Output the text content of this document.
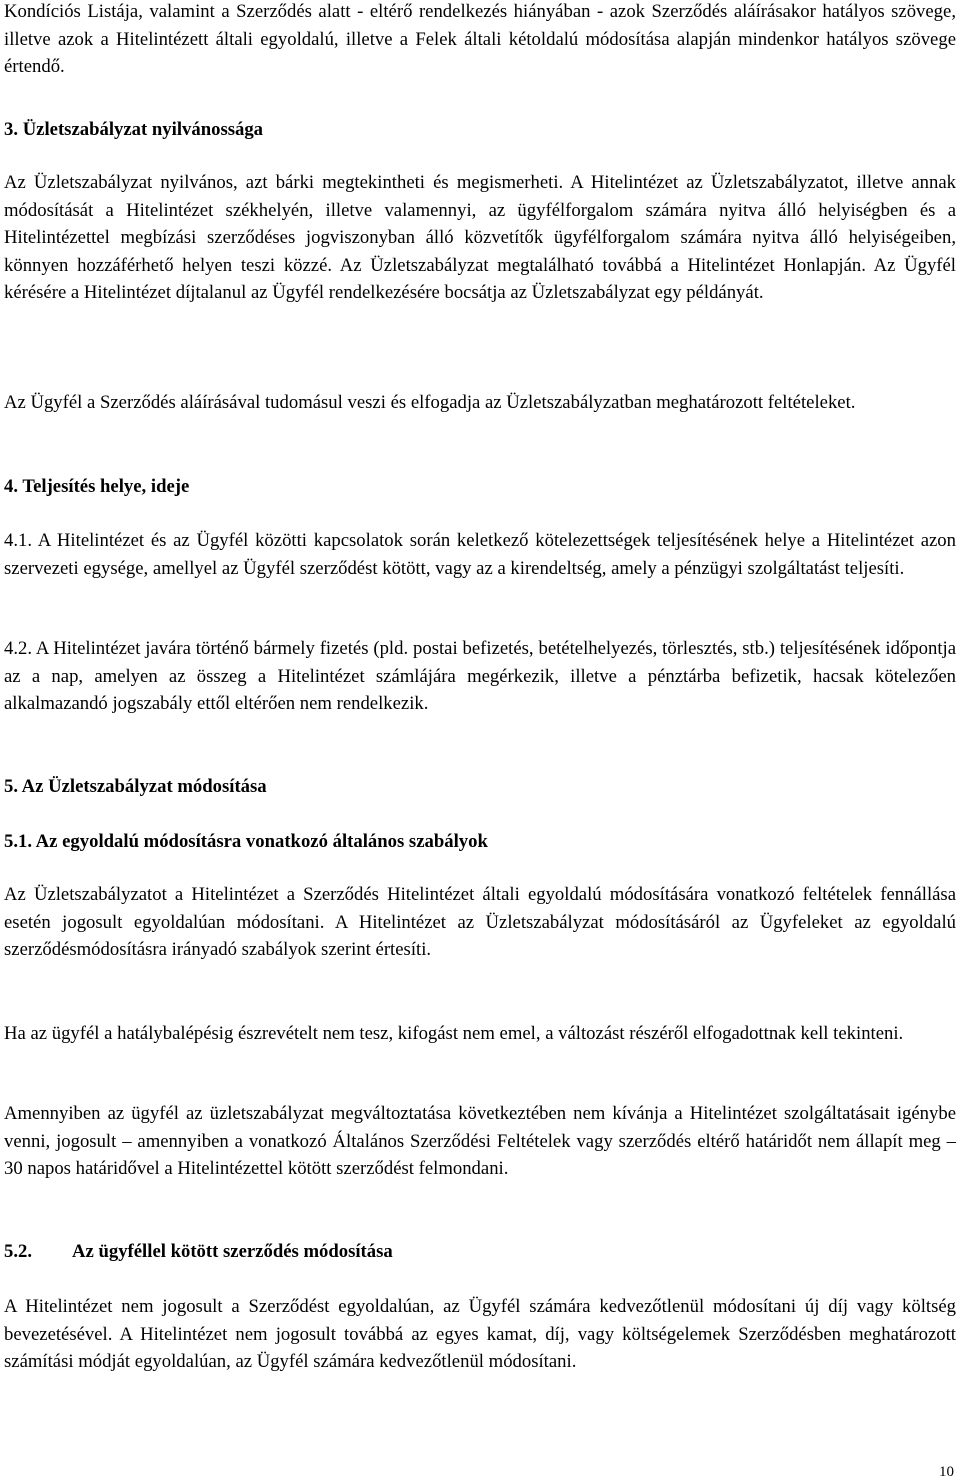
Kondíciós Listája, valamint a Szerződés alatt - eltérő rendelkezés hiányában - azok Szerződés aláírásakor hatályos szövege, illetve azok a Hitelintézett általi egyoldalú, illetve a Felek általi kétoldalú módosítása alapján mindenkor hatályos szövege értendő.

3. Üzletszabályzat nyilvánossága

Az Üzletszabályzat nyilvános, azt bárki megtekintheti és megismerheti. A Hitelintézet az Üzletszabályzatot, illetve annak módosítását a Hitelintézet székhelyén, illetve valamennyi, az ügyfélforgalom számára nyitva álló helyiségben és a Hitelintézettel megbízási szerződéses jogviszonyban álló közvetítők ügyfélforgalom számára nyitva álló helyiségeiben, könnyen hozzáférhető helyen teszi közzé. Az Üzletszabályzat megtalálható továbbá a Hitelintézet Honlapján. Az Ügyfél kérésére a Hitelintézet díjtalanul az Ügyfél rendelkezésére bocsátja az Üzletszabályzat egy példányát.

Az Ügyfél a Szerződés aláírásával tudomásul veszi és elfogadja az Üzletszabályzatban meghatározott feltételeket.

4. Teljesítés helye, ideje

4.1. A Hitelintézet és az Ügyfél közötti kapcsolatok során keletkező kötelezettségek teljesítésének helye a Hitelintézet azon szervezeti egysége, amellyel az Ügyfél szerződést kötött, vagy az a kirendeltség, amely a pénzügyi szolgáltatást teljesíti.

4.2. A Hitelintézet javára történő bármely fizetés (pld. postai befizetés, betételhelyezés, törlesztés, stb.) teljesítésének időpontja az a nap, amelyen az összeg a Hitelintézet számlájára megérkezik, illetve a pénztárba befizetik, hacsak kötelezően alkalmazandó jogszabály ettől eltérően nem rendelkezik.

5. Az Üzletszabályzat módosítása
5.1. Az egyoldalú módosításra vonatkozó általános szabályok

Az Üzletszabályzatot a Hitelintézet a Szerződés Hitelintézet általi egyoldalú módosítására vonatkozó feltételek fennállása esetén jogosult egyoldalúan módosítani. A Hitelintézet az Üzletszabályzat módosításáról az Ügyfeleket az egyoldalú szerződésmódosításra irányadó szabályok szerint értesíti.

Ha az ügyfél a hatálybalépésig észrevételt nem tesz, kifogást nem emel, a változást részéről elfogadottnak kell tekinteni.

Amennyiben az ügyfél az üzletszabályzat megváltoztatása következtében nem kívánja a Hitelintézet szolgáltatásait igénybe venni, jogosult – amennyiben a vonatkozó Általános Szerződési Feltételek vagy szerződés eltérő határidőt nem állapít meg – 30 napos határidővel a Hitelintézettel kötött szerződést felmondani.

5.2. Az ügyféllel kötött szerződés módosítása

A Hitelintézet nem jogosult a Szerződést egyoldalúan, az Ügyfél számára kedvezőtlenül módosítani új díj vagy költség bevezetésével. A Hitelintézet nem jogosult továbbá az egyes kamat, díj, vagy költségelemek Szerződésben meghatározott számítási módját egyoldalúan, az Ügyfél számára kedvezőtlenül módosítani.

10
